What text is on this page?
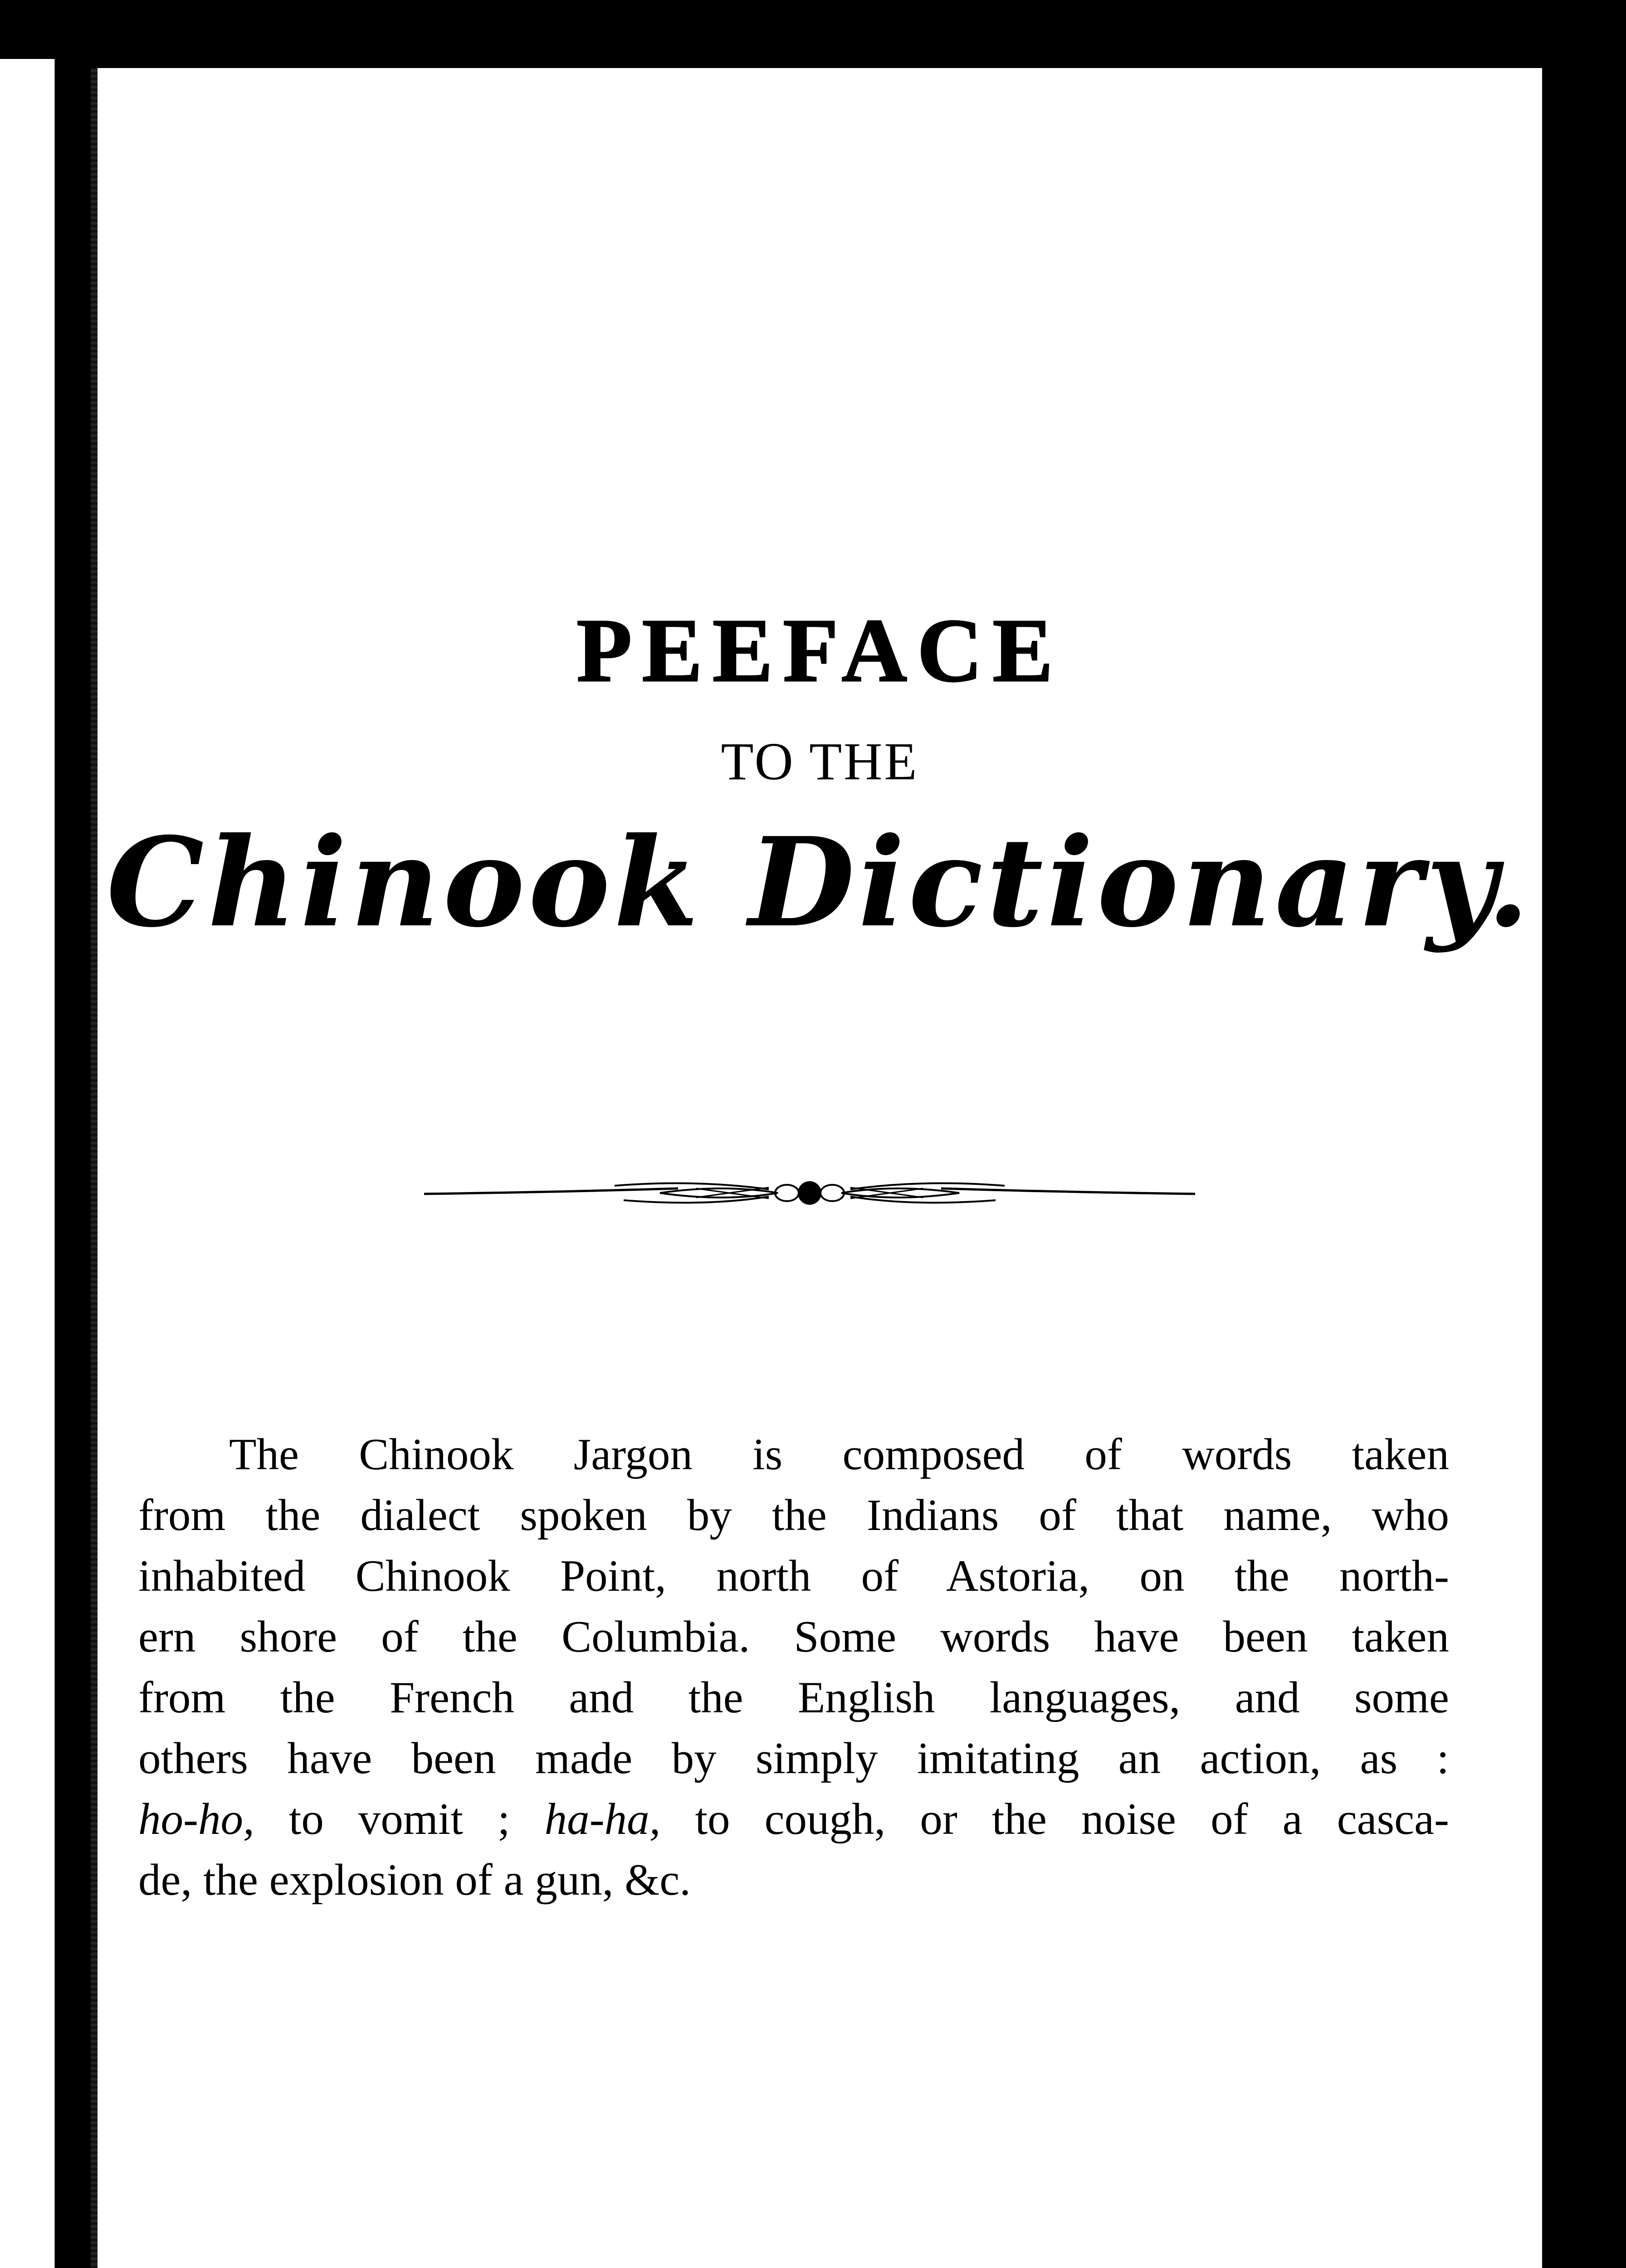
PEEFACE
TO THE
Chinook Dictionary.
The Chinook Jargon is composed of words taken
from the dialect spoken by the Indians of that name, who
inhabited Chinook Point, north of Astoria, on the north-
ern shore of the Columbia. Some words have been taken
from the French and the English languages, and some
others have been made by simply imitating an action, as :
ho-ho, to vomit ; ha-ha, to cough, or the noise of a casca-
de, the explosion of a gun, &c.
